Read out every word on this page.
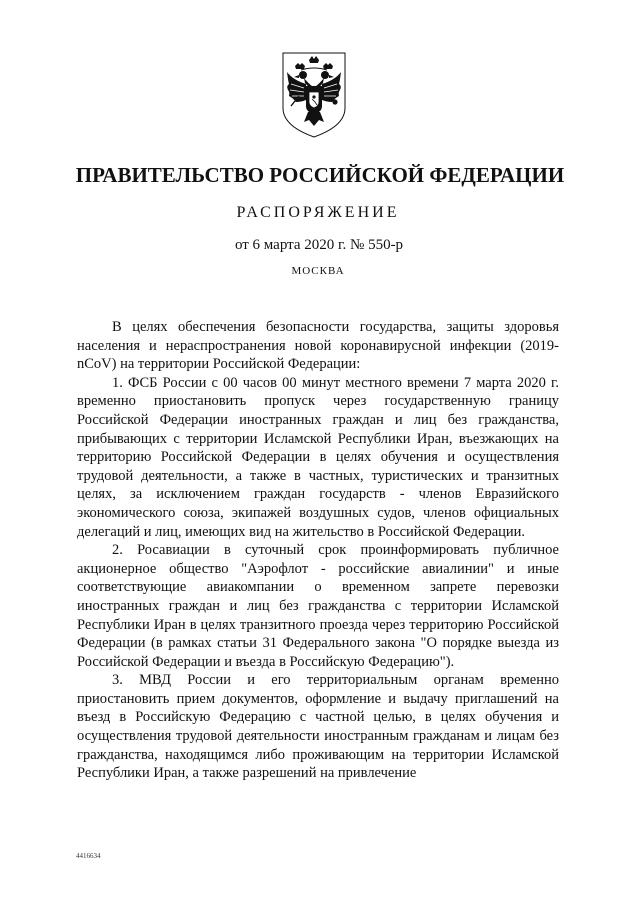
ПРАВИТЕЛЬСТВО РОССИЙСКОЙ ФЕДЕРАЦИИ
РАСПОРЯЖЕНИЕ
от 6 марта 2020 г. № 550-р
МОСКВА

В целях обеспечения безопасности государства, защиты здоровья населения и нераспространения новой коронавирусной инфекции (2019-nCoV) на территории Российской Федерации:

1. ФСБ России с 00 часов 00 минут местного времени 7 марта 2020 г. временно приостановить пропуск через государственную границу Российской Федерации иностранных граждан и лиц без гражданства, прибывающих с территории Исламской Республики Иран, въезжающих на территорию Российской Федерации в целях обучения и осуществления трудовой деятельности, а также в частных, туристических и транзитных целях, за исключением граждан государств - членов Евразийского экономического союза, экипажей воздушных судов, членов официальных делегаций и лиц, имеющих вид на жительство в Российской Федерации.

2. Росавиации в суточный срок проинформировать публичное акционерное общество "Аэрофлот - российские авиалинии" и иные соответствующие авиакомпании о временном запрете перевозки иностранных граждан и лиц без гражданства с территории Исламской Республики Иран в целях транзитного проезда через территорию Российской Федерации (в рамках статьи 31 Федерального закона "О порядке выезда из Российской Федерации и въезда в Российскую Федерацию").

3. МВД России и его территориальным органам временно приостановить прием документов, оформление и выдачу приглашений на въезд в Российскую Федерацию с частной целью, в целях обучения и осуществления трудовой деятельности иностранным гражданам и лицам без гражданства, находящимся либо проживающим на территории Исламской Республики Иран, а также разрешений на привлечение

4416634
